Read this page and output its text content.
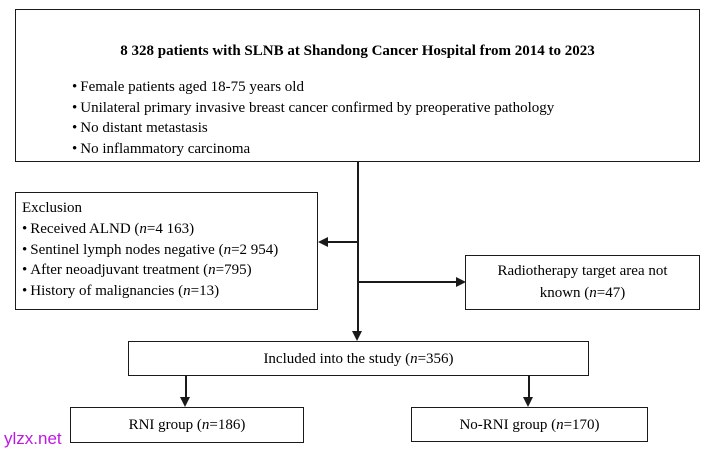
8 328 patients with SLNB at Shandong Cancer Hospital from 2014 to 2023
• Female patients aged 18-75 years old
• Unilateral primary invasive breast cancer confirmed by preoperative pathology
• No distant metastasis
• No inflammatory carcinoma
Exclusion
• Received ALND (n=4 163)
• Sentinel lymph nodes negative (n=2 954)
• After neoadjuvant treatment (n=795)
• History of malignancies (n=13)
Radiotherapy target area not
known (n=47)
Included into the study (n=356)
RNI group (n=186)	No-RNI group (n=170)
ylzx.net
